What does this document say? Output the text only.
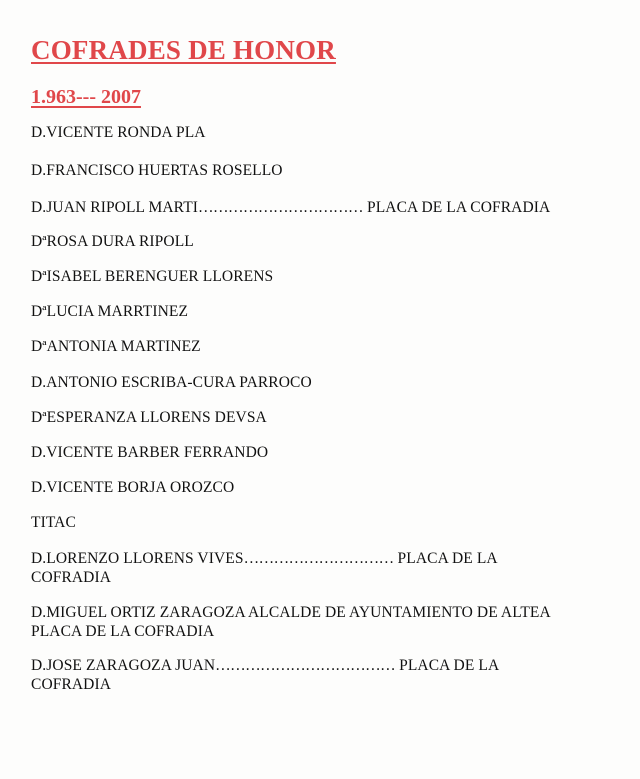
COFRADES DE HONOR
1.963--- 2007
D.VICENTE RONDA PLA
D.FRANCISCO HUERTAS ROSELLO
D.JUAN RIPOLL MARTI…………………………… PLACA DE LA COFRADIA
DªROSA DURA RIPOLL
DªISABEL BERENGUER LLORENS
DªLUCIA MARRTINEZ
DªANTONIA MARTINEZ
D.ANTONIO ESCRIBA-CURA PARROCO
DªESPERANZA LLORENS DEVSA
D.VICENTE BARBER FERRANDO
D.VICENTE BORJA OROZCO
TITAC
D.LORENZO LLORENS VIVES………………………… PLACA DE LA
COFRADIA
D.MIGUEL ORTIZ ZARAGOZA ALCALDE DE AYUNTAMIENTO DE ALTEA
PLACA DE LA COFRADIA
D.JOSE ZARAGOZA JUAN……………………………… PLACA DE LA
COFRADIA
